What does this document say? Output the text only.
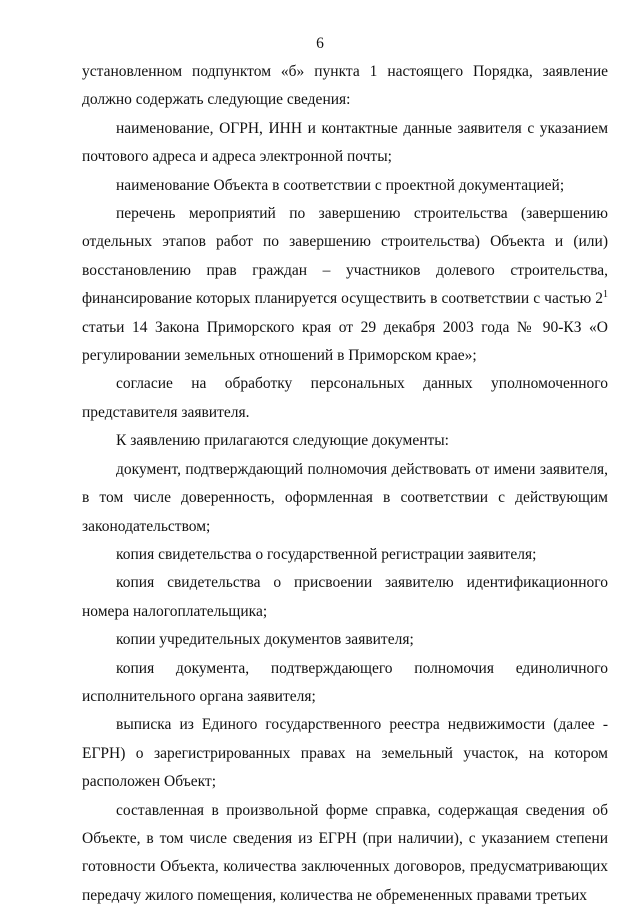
6

установленном подпунктом «б» пункта 1 настоящего Порядка, заявление должно содержать следующие сведения:

наименование, ОГРН, ИНН и контактные данные заявителя с указанием почтового адреса и адреса электронной почты;

наименование Объекта в соответствии с проектной документацией;

перечень мероприятий по завершению строительства (завершению отдельных этапов работ по завершению строительства) Объекта и (или) восстановлению прав граждан – участников долевого строительства, финансирование которых планируется осуществить в соответствии с частью $2^1$ статьи 14 Закона Приморского края от 29 декабря 2003 года № 90-КЗ «О регулировании земельных отношений в Приморском крае»;

согласие на обработку персональных данных уполномоченного представителя заявителя.

К заявлению прилагаются следующие документы:

документ, подтверждающий полномочия действовать от имени заявителя, в том числе доверенность, оформленная в соответствии с действующим законодательством;

копия свидетельства о государственной регистрации заявителя;

копия свидетельства о присвоении заявителю идентификационного номера налогоплательщика;

копии учредительных документов заявителя;

копия документа, подтверждающего полномочия единоличного исполнительного органа заявителя;

выписка из Единого государственного реестра недвижимости (далее - ЕГРН) о зарегистрированных правах на земельный участок, на котором расположен Объект;

составленная в произвольной форме справка, содержащая сведения об Объекте, в том числе сведения из ЕГРН (при наличии), с указанием степени готовности Объекта, количества заключенных договоров, предусматривающих передачу жилого помещения, количества не обремененных правами третьих
